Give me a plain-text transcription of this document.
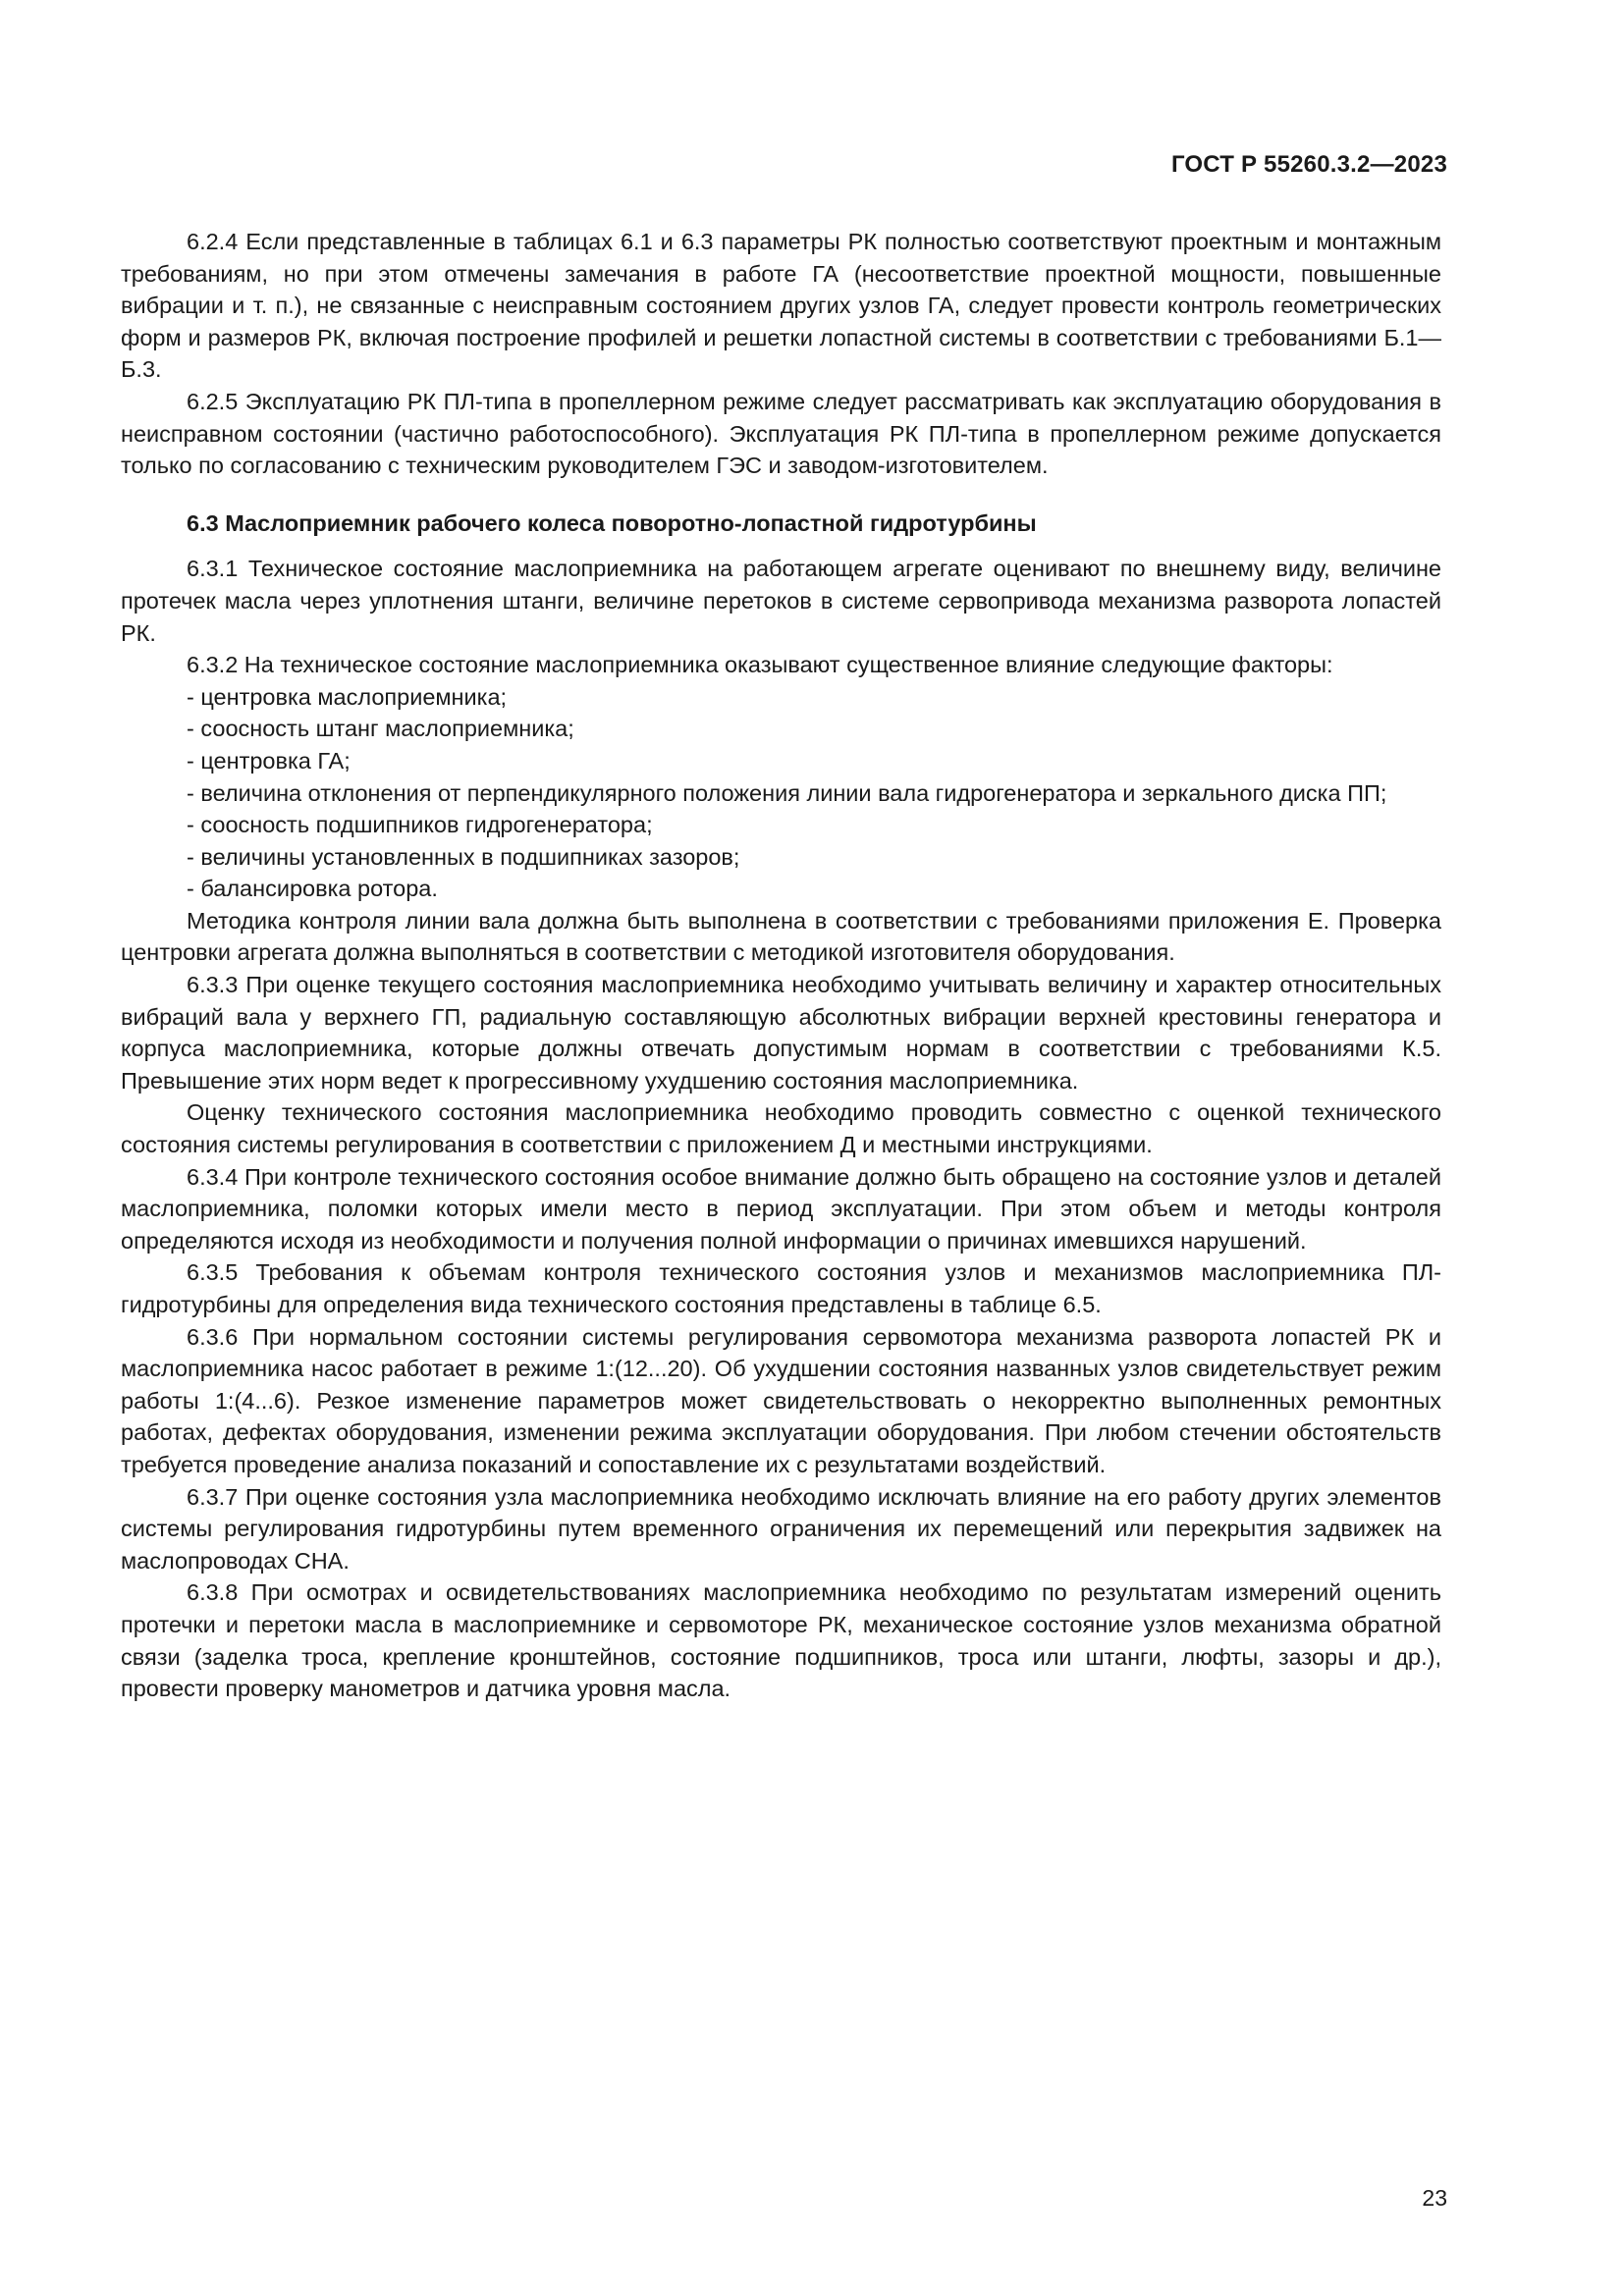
ГОСТ Р 55260.3.2—2023

6.2.4 Если представленные в таблицах 6.1 и 6.3 параметры РК полностью соответствуют проектным и монтажным требованиям, но при этом отмечены замечания в работе ГА (несоответствие проектной мощности, повышенные вибрации и т. п.), не связанные с неисправным состоянием других узлов ГА, следует провести контроль геометрических форм и размеров РК, включая построение профилей и решетки лопастной системы в соответствии с требованиями Б.1—Б.3.

6.2.5 Эксплуатацию РК ПЛ-типа в пропеллерном режиме следует рассматривать как эксплуатацию оборудования в неисправном состоянии (частично работоспособного). Эксплуатация РК ПЛ-типа в пропеллерном режиме допускается только по согласованию с техническим руководителем ГЭС и заводом-изготовителем.

6.3 Маслоприемник рабочего колеса поворотно-лопастной гидротурбины

6.3.1 Техническое состояние маслоприемника на работающем агрегате оценивают по внешнему виду, величине протечек масла через уплотнения штанги, величине перетоков в системе сервопривода механизма разворота лопастей РК.

6.3.2 На техническое состояние маслоприемника оказывают существенное влияние следующие факторы:

- центровка маслоприемника;

- соосность штанг маслоприемника;

- центровка ГА;

- величина отклонения от перпендикулярного положения линии вала гидрогенератора и зеркального диска ПП;

- соосность подшипников гидрогенератора;

- величины установленных в подшипниках зазоров;

- балансировка ротора.

Методика контроля линии вала должна быть выполнена в соответствии с требованиями приложения Е. Проверка центровки агрегата должна выполняться в соответствии с методикой изготовителя оборудования.

6.3.3 При оценке текущего состояния маслоприемника необходимо учитывать величину и характер относительных вибраций вала у верхнего ГП, радиальную составляющую абсолютных вибрации верхней крестовины генератора и корпуса маслоприемника, которые должны отвечать допустимым нормам в соответствии с требованиями К.5. Превышение этих норм ведет к прогрессивному ухудшению состояния маслоприемника.

Оценку технического состояния маслоприемника необходимо проводить совместно с оценкой технического состояния системы регулирования в соответствии с приложением Д и местными инструкциями.

6.3.4 При контроле технического состояния особое внимание должно быть обращено на состояние узлов и деталей маслоприемника, поломки которых имели место в период эксплуатации. При этом объем и методы контроля определяются исходя из необходимости и получения полной информации о причинах имевшихся нарушений.

6.3.5 Требования к объемам контроля технического состояния узлов и механизмов маслоприемника ПЛ-гидротурбины для определения вида технического состояния представлены в таблице 6.5.

6.3.6 При нормальном состоянии системы регулирования сервомотора механизма разворота лопастей РК и маслоприемника насос работает в режиме 1:(12...20). Об ухудшении состояния названных узлов свидетельствует режим работы 1:(4...6). Резкое изменение параметров может свидетельствовать о некорректно выполненных ремонтных работах, дефектах оборудования, изменении режима эксплуатации оборудования. При любом стечении обстоятельств требуется проведение анализа показаний и сопоставление их с результатами воздействий.

6.3.7 При оценке состояния узла маслоприемника необходимо исключать влияние на его работу других элементов системы регулирования гидротурбины путем временного ограничения их перемещений или перекрытия задвижек на маслопроводах СНА.

6.3.8 При осмотрах и освидетельствованиях маслоприемника необходимо по результатам измерений оценить протечки и перетоки масла в маслоприемнике и сервомоторе РК, механическое состояние узлов механизма обратной связи (заделка троса, крепление кронштейнов, состояние подшипников, троса или штанги, люфты, зазоры и др.), провести проверку манометров и датчика уровня масла.

23
